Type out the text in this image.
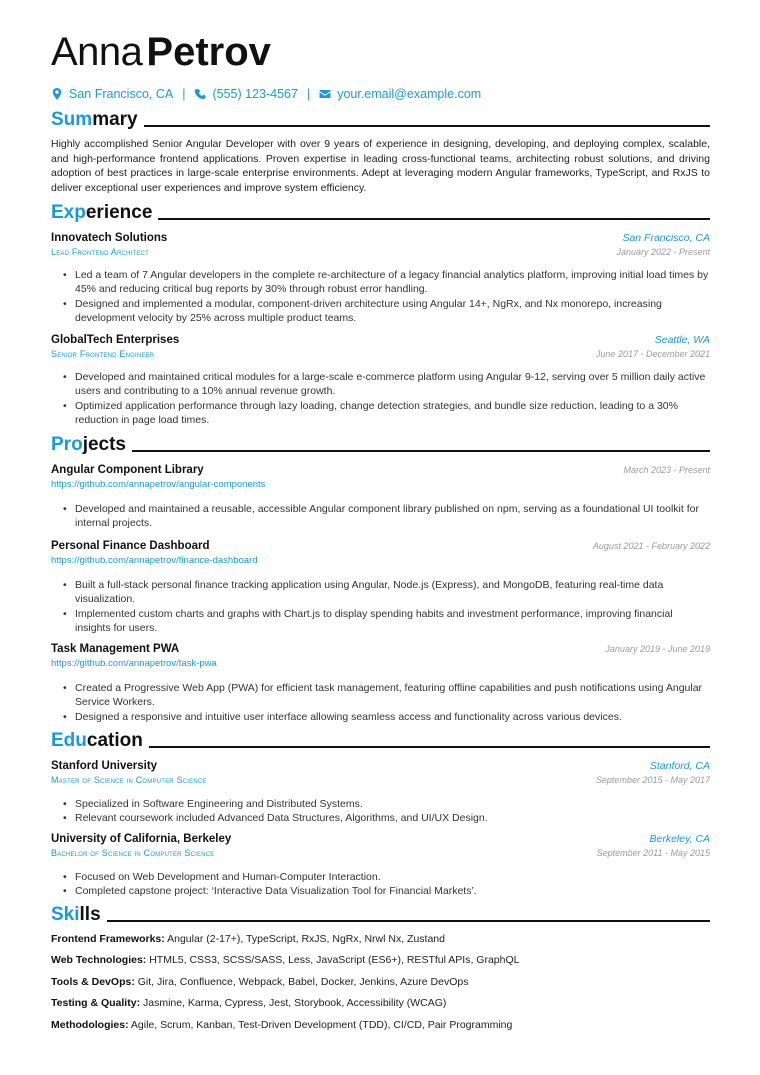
Anna Petrov
San Francisco, CA | (555) 123-4567 | your.email@example.com
Summary

Highly accomplished Senior Angular Developer with over 9 years of experience in designing, developing, and deploying complex, scalable, and high-performance frontend applications. Proven expertise in leading cross-functional teams, architecting robust solutions, and driving adoption of best practices in large-scale enterprise environments. Adept at leveraging modern Angular frameworks, TypeScript, and RxJS to deliver exceptional user experiences and improve system efficiency.

Experience
Innovatech Solutions	San Francisco, CA
Lead Frontend Architect	January 2022 - Present
• Led a team of 7 Angular developers in the complete re-architecture of a legacy financial analytics platform, improving initial load times by 45% and reducing critical bug reports by 30% through robust error handling.
• Designed and implemented a modular, component-driven architecture using Angular 14+, NgRx, and Nx monorepo, increasing development velocity by 25% across multiple product teams.
GlobalTech Enterprises	Seattle, WA
Senior Frontend Engineer	June 2017 - December 2021
• Developed and maintained critical modules for a large-scale e-commerce platform using Angular 9-12, serving over 5 million daily active users and contributing to a 10% annual revenue growth.
• Optimized application performance through lazy loading, change detection strategies, and bundle size reduction, leading to a 30% reduction in page load times.
Projects
Angular Component Library	March 2023 - Present
https://github.com/annapetrov/angular-components
• Developed and maintained a reusable, accessible Angular component library published on npm, serving as a foundational UI toolkit for internal projects.
Personal Finance Dashboard	August 2021 - February 2022
https://github.com/annapetrov/finance-dashboard
• Built a full-stack personal finance tracking application using Angular, Node.js (Express), and MongoDB, featuring real-time data visualization.
• Implemented custom charts and graphs with Chart.js to display spending habits and investment performance, improving financial insights for users.
Task Management PWA	January 2019 - June 2019
https://github.com/annapetrov/task-pwa
• Created a Progressive Web App (PWA) for efficient task management, featuring offline capabilities and push notifications using Angular Service Workers.
• Designed a responsive and intuitive user interface allowing seamless access and functionality across various devices.
Education
Stanford University	Stanford, CA
Master of Science in Computer Science	September 2015 - May 2017
• Specialized in Software Engineering and Distributed Systems.
• Relevant coursework included Advanced Data Structures, Algorithms, and UI/UX Design.
University of California, Berkeley	Berkeley, CA
Bachelor of Science in Computer Science	September 2011 - May 2015
• Focused on Web Development and Human-Computer Interaction.
• Completed capstone project: ‘Interactive Data Visualization Tool for Financial Markets’.
Skills
Frontend Frameworks: Angular (2-17+), TypeScript, RxJS, NgRx, Nrwl Nx, Zustand
Web Technologies: HTML5, CSS3, SCSS/SASS, Less, JavaScript (ES6+), RESTful APIs, GraphQL
Tools & DevOps: Git, Jira, Confluence, Webpack, Babel, Docker, Jenkins, Azure DevOps
Testing & Quality: Jasmine, Karma, Cypress, Jest, Storybook, Accessibility (WCAG)
Methodologies: Agile, Scrum, Kanban, Test-Driven Development (TDD), CI/CD, Pair Programming
